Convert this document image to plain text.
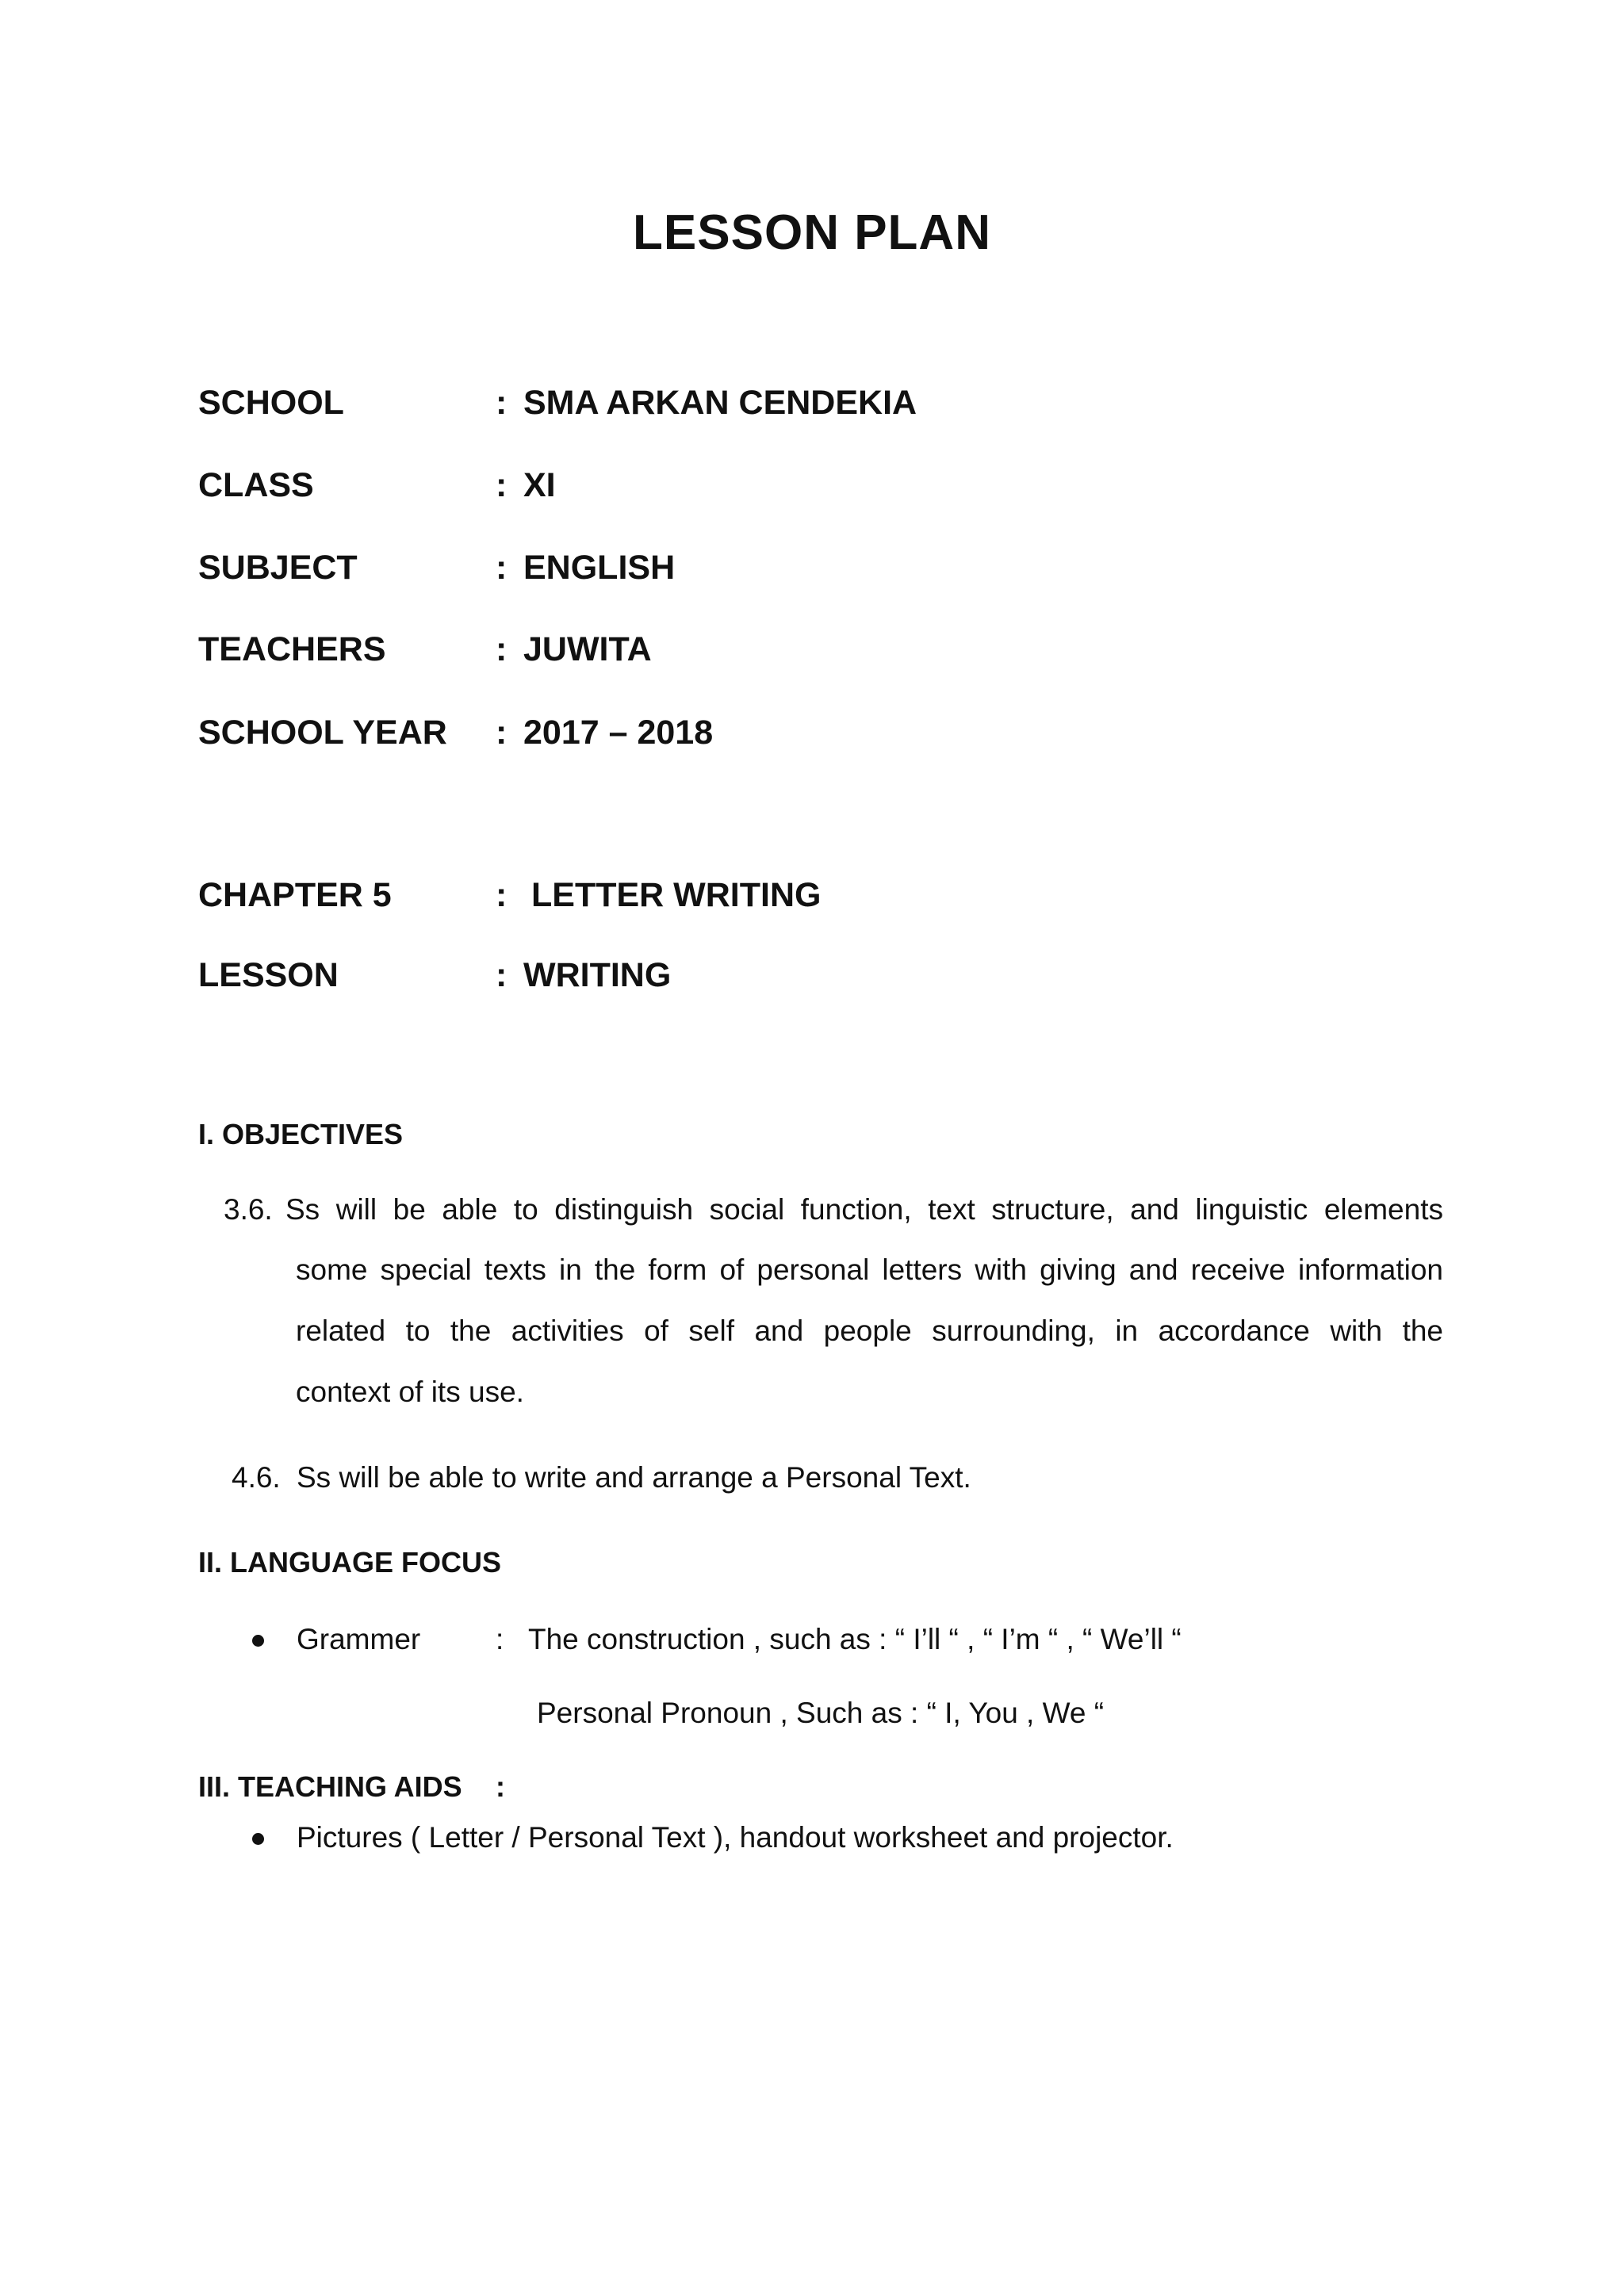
LESSON PLAN
SCHOOL	: SMA ARKAN CENDEKIA
CLASS	: XI
SUBJECT	: ENGLISH
TEACHERS	: JUWITA
SCHOOL YEAR : 2017 – 2018
CHAPTER 5	: LETTER WRITING
LESSON	: WRITING
I. OBJECTIVES
3.6. Ss will be able to distinguish social function, text structure, and linguistic elements
some special texts in the form of personal letters with giving and receive information
related to the activities of self and people surrounding, in accordance with the
context of its use.
4.6. Ss will be able to write and arrange a Personal Text.
II. LANGUAGE FOCUS
Grammer	: The construction , such as : “ I’ll “ , “ I’m “ , “ We’ll “
Personal Pronoun , Such as : “ I, You , We “
III. TEACHING AIDS :
Pictures ( Letter / Personal Text ), handout worksheet and projector.
